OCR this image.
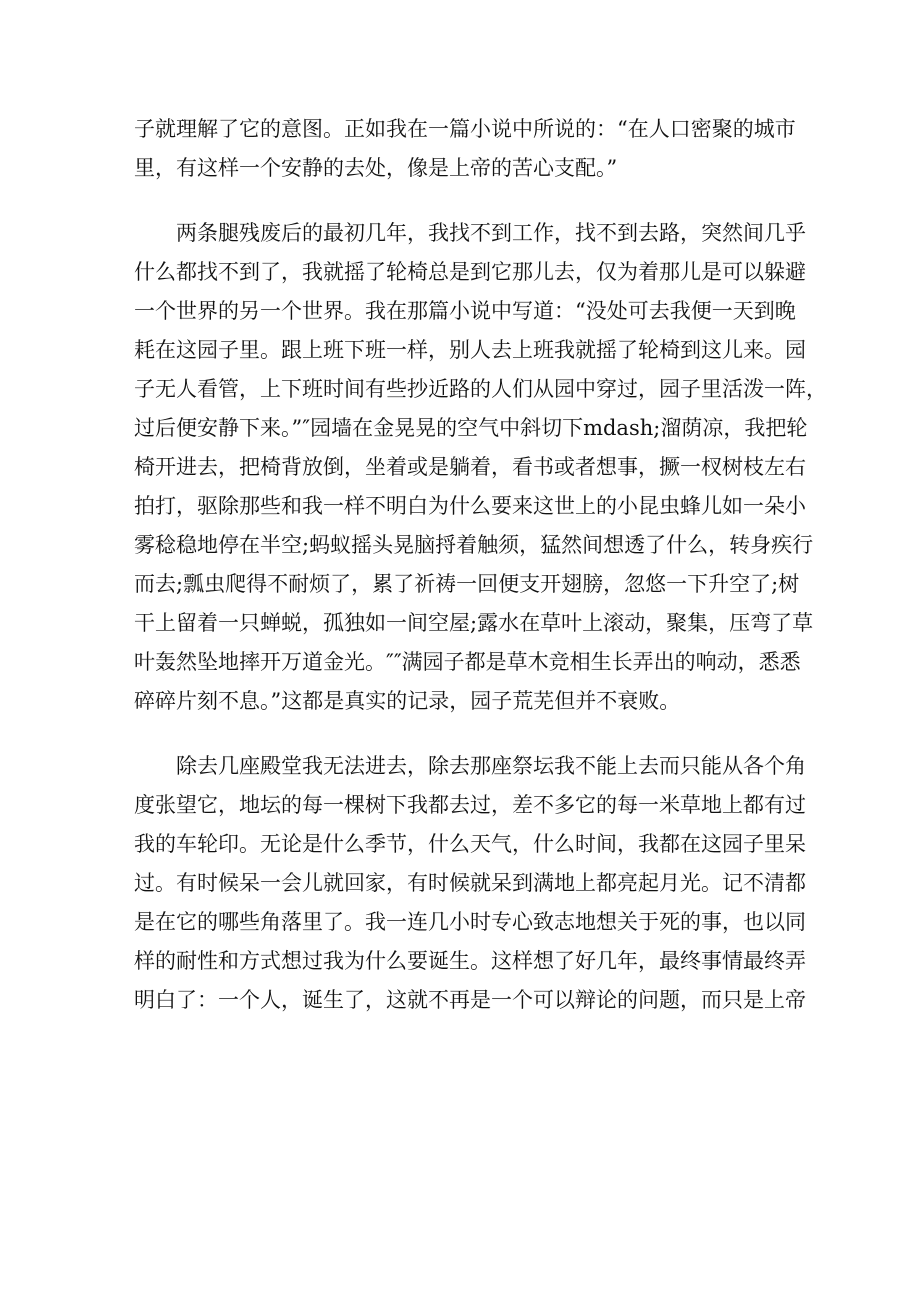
子就理解了它的意图。正如我在一篇小说中所说的：“在人口密聚的城市
里，有这样一个安静的去处，像是上帝的苦心支配。”
两条腿残废后的最初几年，我找不到工作，找不到去路，突然间几乎
什么都找不到了，我就摇了轮椅总是到它那儿去，仅为着那儿是可以躲避
一个世界的另一个世界。我在那篇小说中写道：“没处可去我便一天到晚
耗在这园子里。跟上班下班一样，别人去上班我就摇了轮椅到这儿来。园
子无人看管，上下班时间有些抄近路的人们从园中穿过，园子里活泼一阵，
过后便安静下来。”″园墙在金晃晃的空气中斜切下mdash;溜荫凉，我把轮
椅开进去，把椅背放倒，坐着或是躺着，看书或者想事，撅一杈树枝左右
拍打，驱除那些和我一样不明白为什么要来这世上的小昆虫蜂儿如一朵小
雾稔稳地停在半空;蚂蚁摇头晃脑捋着触须，猛然间想透了什么，转身疾行
而去;瓢虫爬得不耐烦了，累了祈祷一回便支开翅膀，忽悠一下升空了;树
干上留着一只蝉蜕，孤独如一间空屋;露水在草叶上滚动，聚集，压弯了草
叶轰然坠地摔开万道金光。″″满园子都是草木竞相生长弄出的响动，悉悉
碎碎片刻不息。”这都是真实的记录，园子荒芜但并不衰败。
除去几座殿堂我无法进去，除去那座祭坛我不能上去而只能从各个角
度张望它，地坛的每一棵树下我都去过，差不多它的每一米草地上都有过
我的车轮印。无论是什么季节，什么天气，什么时间，我都在这园子里呆
过。有时候呆一会儿就回家，有时候就呆到满地上都亮起月光。记不清都
是在它的哪些角落里了。我一连几小时专心致志地想关于死的事，也以同
样的耐性和方式想过我为什么要诞生。这样想了好几年，最终事情最终弄
明白了：一个人，诞生了，这就不再是一个可以辩论的问题，而只是上帝
